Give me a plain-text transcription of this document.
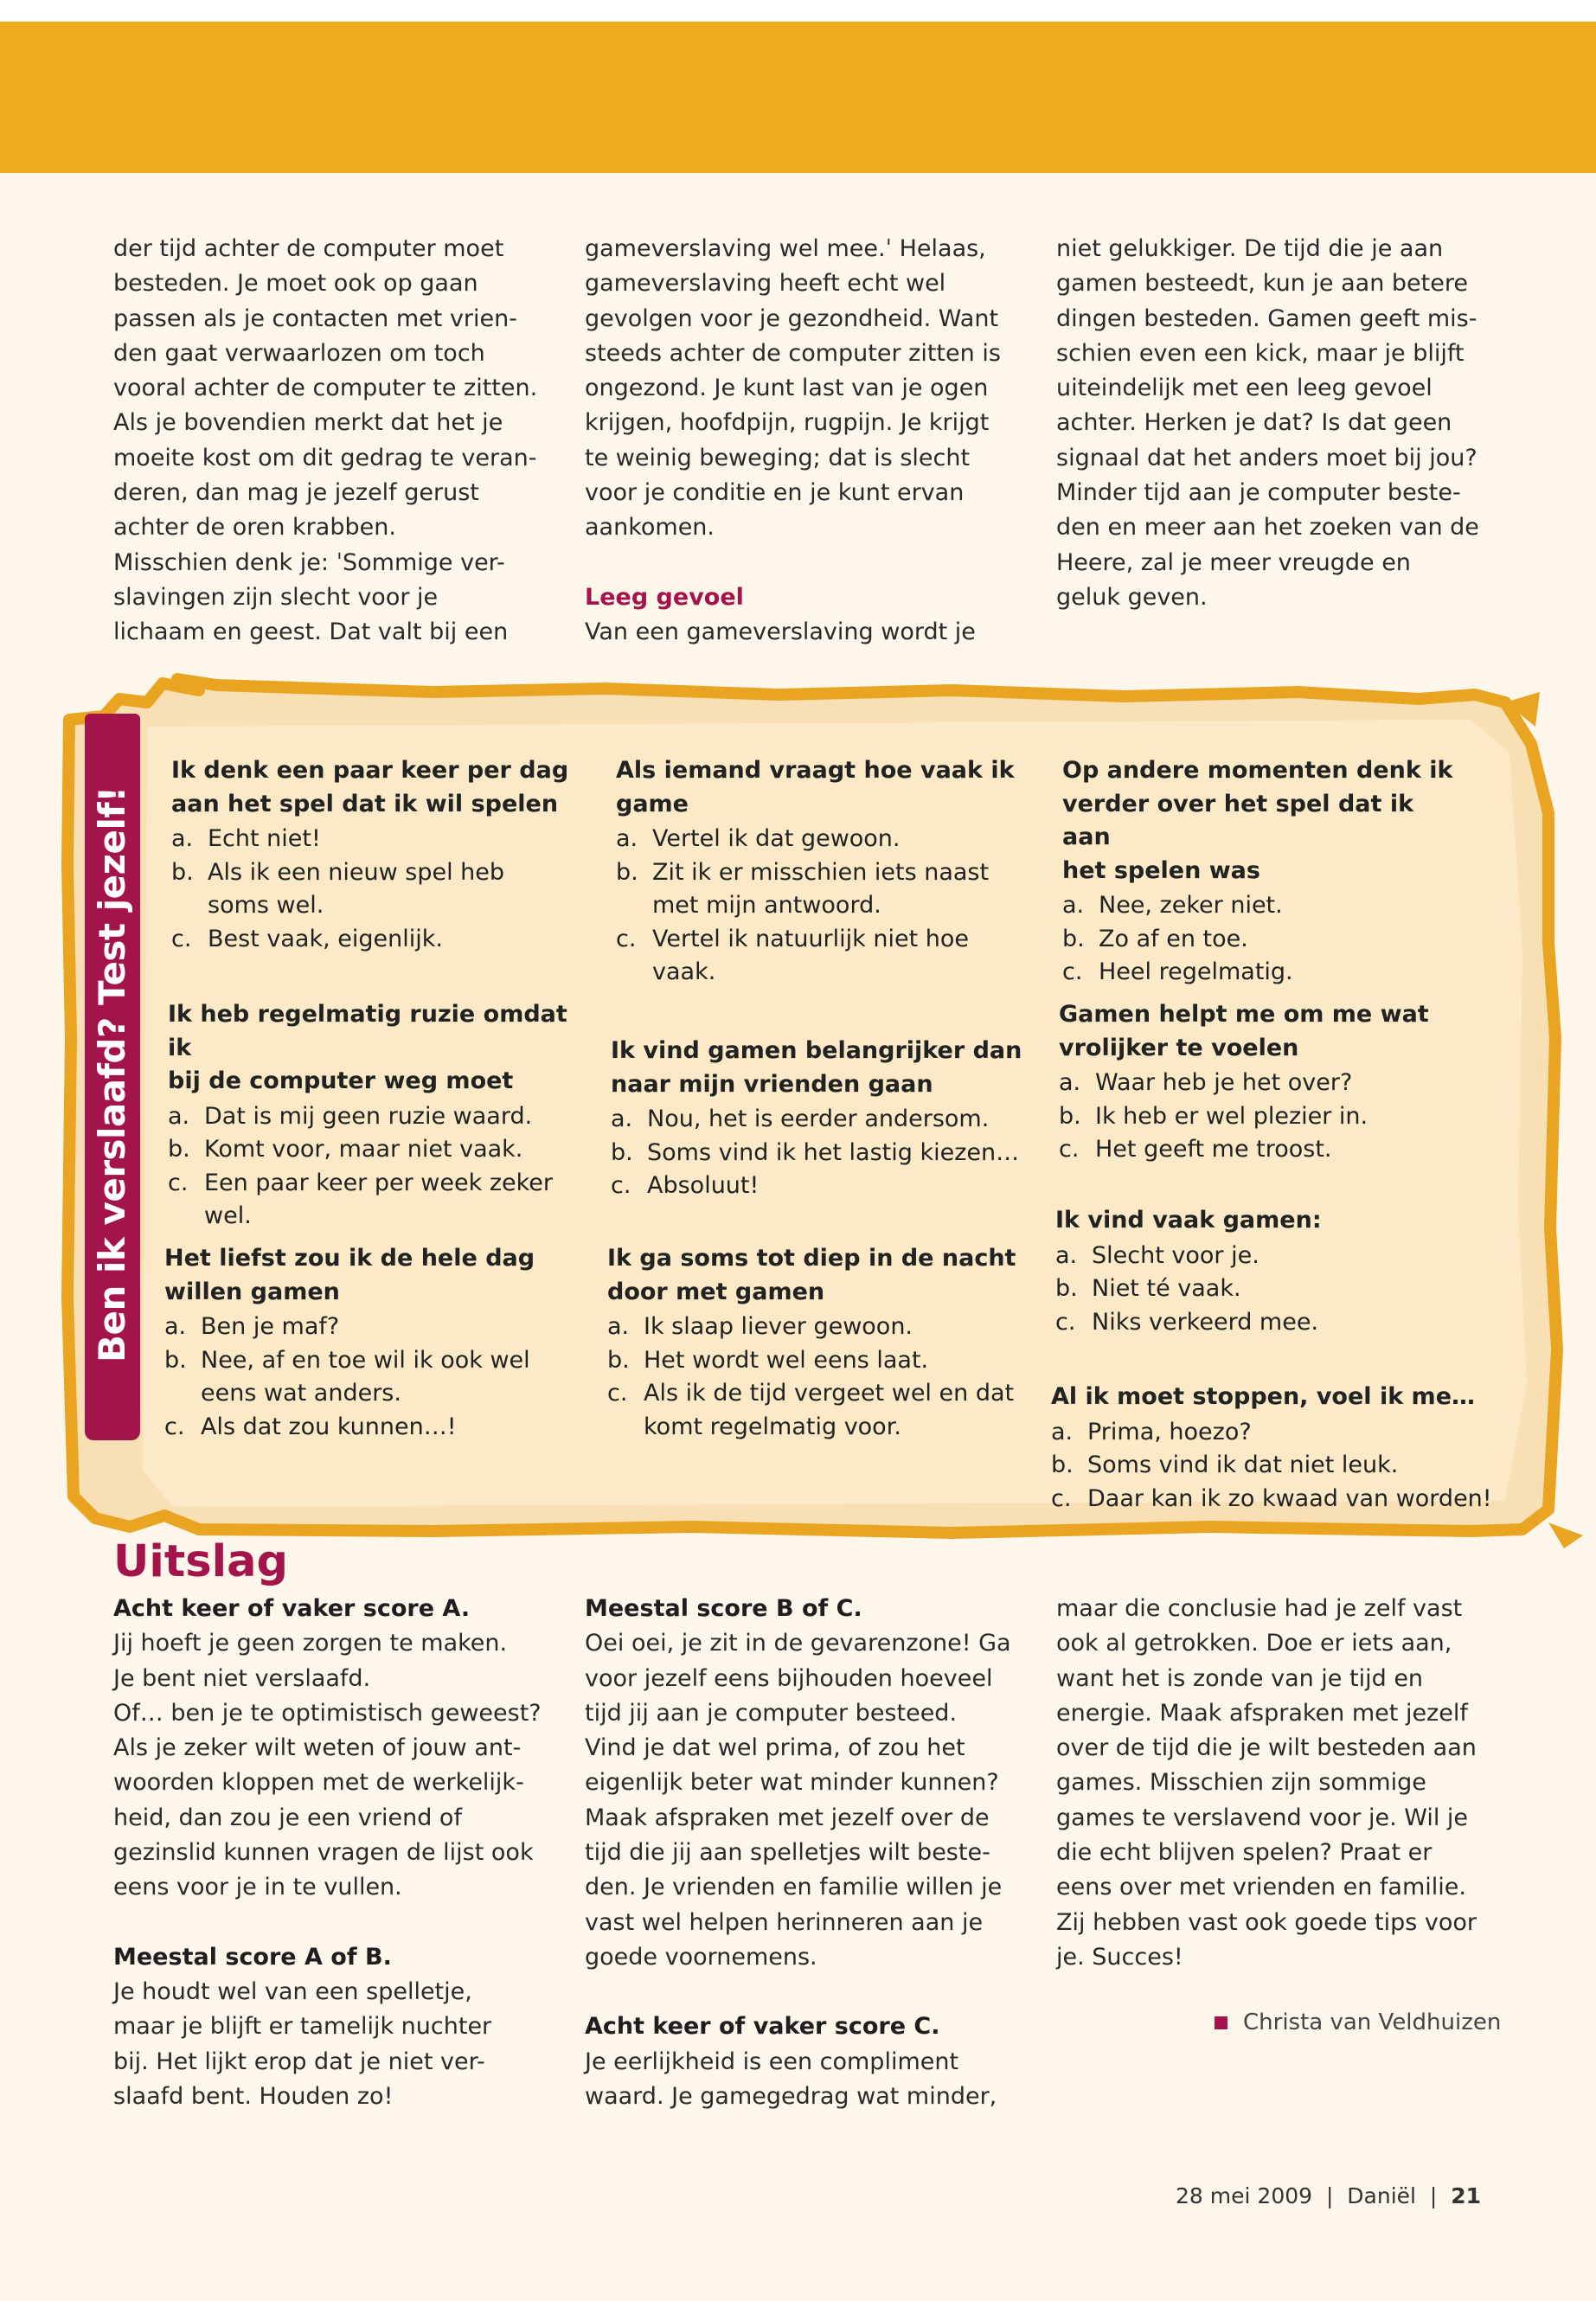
der tijd achter de computer moet
besteden. Je moet ook op gaan
passen als je contacten met vrien-
den gaat verwaarlozen om toch
vooral achter de computer te zitten.
Als je bovendien merkt dat het je
moeite kost om dit gedrag te veran-
deren, dan mag je jezelf gerust
achter de oren krabben.
Misschien denk je: ˈSommige ver-
slavingen zijn slecht voor je
lichaam en geest. Dat valt bij een
gameverslaving wel mee.ˈ Helaas,
gameverslaving heeft echt wel
gevolgen voor je gezondheid. Want
steeds achter de computer zitten is
ongezond. Je kunt last van je ogen
krijgen, hoofdpijn, rugpijn. Je krijgt
te weinig beweging; dat is slecht
voor je conditie en je kunt ervan
aankomen.

Leeg gevoel

Van een gameverslaving wordt je
niet gelukkiger. De tijd die je aan
gamen besteedt, kun je aan betere
dingen besteden. Gamen geeft mis-
schien even een kick, maar je blijft
uiteindelijk met een leeg gevoel
achter. Herken je dat? Is dat geen
signaal dat het anders moet bij jou?
Minder tijd aan je computer beste-
den en meer aan het zoeken van de
Heere, zal je meer vreugde en
geluk geven.
Ben ik verslaafd? Test jezelf!
Ik denk een paar keer per dag
aan het spel dat ik wil spelen
a. Echt niet!
b. Als ik een nieuw spel heb
soms wel.
c. Best vaak, eigenlijk.
Ik heb regelmatig ruzie omdat ik
bij de computer weg moet
a. Dat is mij geen ruzie waard.
b. Komt voor, maar niet vaak.
c. Een paar keer per week zeker
wel.
Het liefst zou ik de hele dag
willen gamen
a. Ben je maf?
b. Nee, af en toe wil ik ook wel
eens wat anders.
c. Als dat zou kunnen…!
Als iemand vraagt hoe vaak ik
game
a. Vertel ik dat gewoon.
b. Zit ik er misschien iets naast
met mijn antwoord.
c. Vertel ik natuurlijk niet hoe
vaak.
Ik vind gamen belangrijker dan
naar mijn vrienden gaan
a. Nou, het is eerder andersom.
b. Soms vind ik het lastig kiezen…
c. Absoluut!
Ik ga soms tot diep in de nacht
door met gamen
a. Ik slaap liever gewoon.
b. Het wordt wel eens laat.
c. Als ik de tijd vergeet wel en dat
komt regelmatig voor.
Op andere momenten denk ik
verder over het spel dat ik aan
het spelen was
a. Nee, zeker niet.
b. Zo af en toe.
c. Heel regelmatig.
Gamen helpt me om me wat
vrolijker te voelen
a. Waar heb je het over?
b. Ik heb er wel plezier in.
c. Het geeft me troost.
Ik vind vaak gamen:
a. Slecht voor je.
b. Niet té vaak.
c. Niks verkeerd mee.
Al ik moet stoppen, voel ik me…
a. Prima, hoezo?
b. Soms vind ik dat niet leuk.
c. Daar kan ik zo kwaad van worden!
Uitslag

Acht keer of vaker score A.

Jij hoeft je geen zorgen te maken.
Je bent niet verslaafd.
Of… ben je te optimistisch geweest?
Als je zeker wilt weten of jouw ant-
woorden kloppen met de werkelijk-
heid, dan zou je een vriend of
gezinslid kunnen vragen de lijst ook
eens voor je in te vullen.

Meestal score A of B.

Je houdt wel van een spelletje,
maar je blijft er tamelijk nuchter
bij. Het lijkt erop dat je niet ver-
slaafd bent. Houden zo!

Meestal score B of C.

Oei oei, je zit in de gevarenzone! Ga
voor jezelf eens bijhouden hoeveel
tijd jij aan je computer besteed.
Vind je dat wel prima, of zou het
eigenlijk beter wat minder kunnen?
Maak afspraken met jezelf over de
tijd die jij aan spelletjes wilt beste-
den. Je vrienden en familie willen je
vast wel helpen herinneren aan je
goede voornemens.

Acht keer of vaker score C.

Je eerlijkheid is een compliment
waard. Je gamegedrag wat minder,
maar die conclusie had je zelf vast
ook al getrokken. Doe er iets aan,
want het is zonde van je tijd en
energie. Maak afspraken met jezelf
over de tijd die je wilt besteden aan
games. Misschien zijn sommige
games te verslavend voor je. Wil je
die echt blijven spelen? Praat er
eens over met vrienden en familie.
Zij hebben vast ook goede tips voor
je. Succes!
Christa van Veldhuizen
28 mei 2009  |  Daniël  |  21
